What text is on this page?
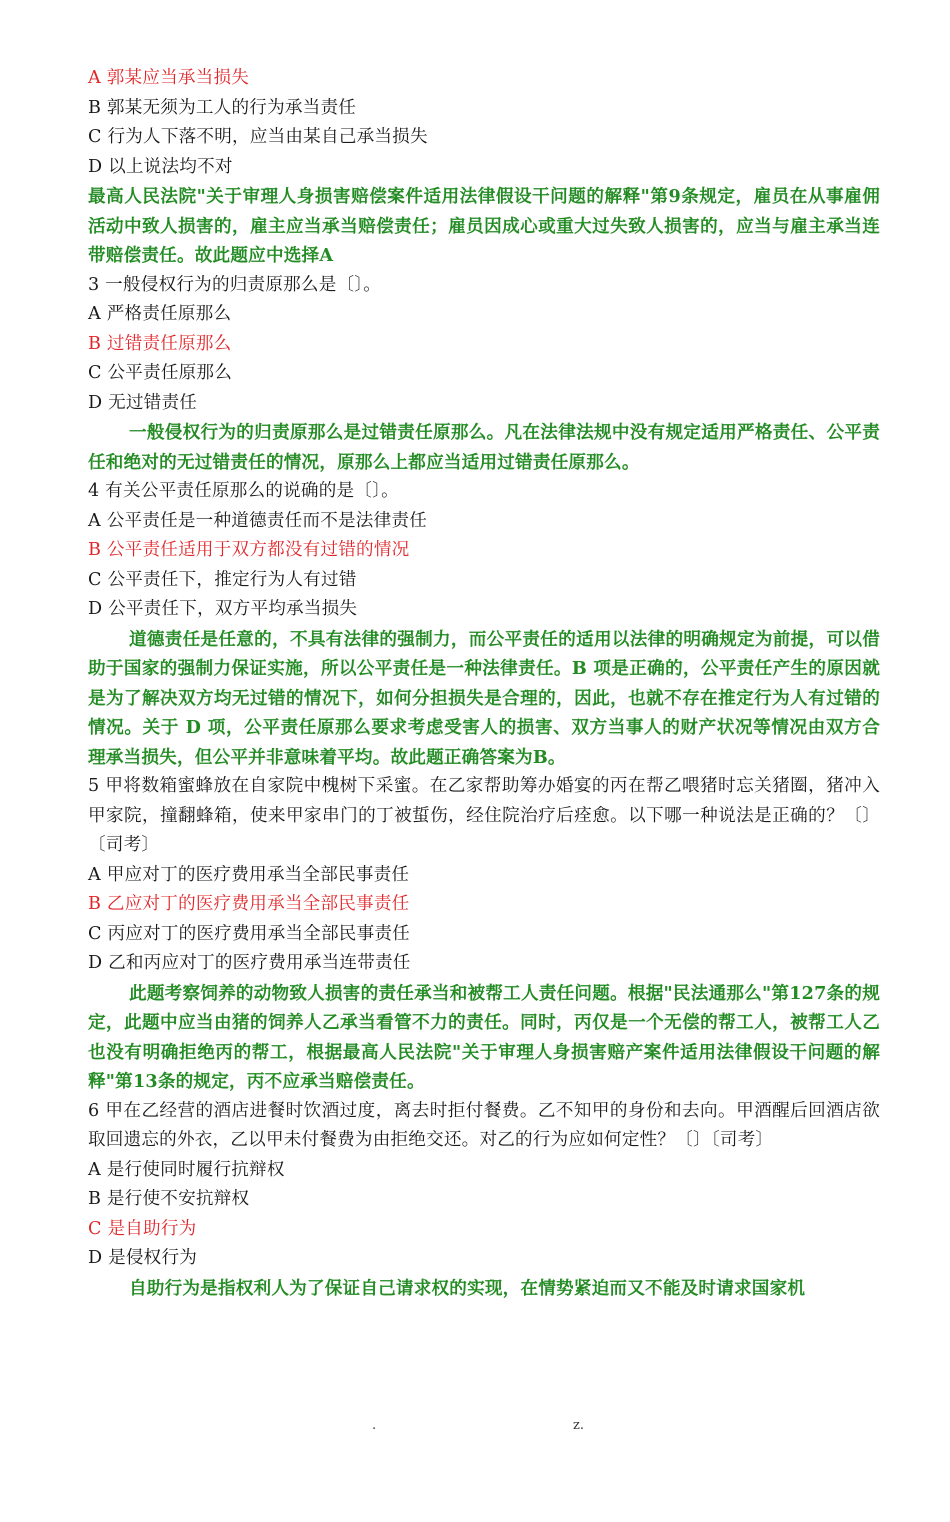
A 郭某应当承当损失
B 郭某无须为工人的行为承当责任
C 行为人下落不明，应当由某自己承当损失
D 以上说法均不对
最高人民法院"关于审理人身损害赔偿案件适用法律假设干问题的解释"第9条规定，雇员在从事雇佣活动中致人损害的，雇主应当承当赔偿责任；雇员因成心或重大过失致人损害的，应当与雇主承当连带赔偿责任。故此题应中选择A
3 一般侵权行为的归责原那么是〔〕。
A 严格责任原那么
B 过错责任原那么
C 公平责任原那么
D 无过错责任
一般侵权行为的归责原那么是过错责任原那么。凡在法律法规中没有规定适用严格责任、公平责任和绝对的无过错责任的情况，原那么上都应当适用过错责任原那么。
4 有关公平责任原那么的说确的是〔〕。
A 公平责任是一种道德责任而不是法律责任
B 公平责任适用于双方都没有过错的情况
C 公平责任下，推定行为人有过错
D 公平责任下，双方平均承当损失
道德责任是任意的，不具有法律的强制力，而公平责任的适用以法律的明确规定为前提，可以借助于国家的强制力保证实施，所以公平责任是一种法律责任。B 项是正确的，公平责任产生的原因就是为了解决双方均无过错的情况下，如何分担损失是合理的，因此，也就不存在推定行为人有过错的情况。关于 D 项，公平责任原那么要求考虑受害人的损害、双方当事人的财产状况等情况由双方合理承当损失，但公平并非意味着平均。故此题正确答案为B。
5 甲将数箱蜜蜂放在自家院中槐树下采蜜。在乙家帮助筹办婚宴的丙在帮乙喂猪时忘关猪圈，猪冲入甲家院，撞翻蜂箱，使来甲家串门的丁被蜇伤，经住院治疗后痊愈。以下哪一种说法是正确的？〔〕〔司考〕
A 甲应对丁的医疗费用承当全部民事责任
B 乙应对丁的医疗费用承当全部民事责任
C 丙应对丁的医疗费用承当全部民事责任
D 乙和丙应对丁的医疗费用承当连带责任
此题考察饲养的动物致人损害的责任承当和被帮工人责任问题。根据"民法通那么"第127条的规定，此题中应当由猪的饲养人乙承当看管不力的责任。同时，丙仅是一个无偿的帮工人，被帮工人乙也没有明确拒绝丙的帮工，根据最高人民法院"关于审理人身损害赔产案件适用法律假设干问题的解释"第13条的规定，丙不应承当赔偿责任。
6 甲在乙经营的酒店进餐时饮酒过度，离去时拒付餐费。乙不知甲的身份和去向。甲酒醒后回酒店欲取回遗忘的外衣，乙以甲未付餐费为由拒绝交还。对乙的行为应如何定性？〔〕〔司考〕
A 是行使同时履行抗辩权
B 是行使不安抗辩权
C 是自助行为
D 是侵权行为
自助行为是指权利人为了保证自己请求权的实现，在情势紧迫而又不能及时请求国家机
.	z.
